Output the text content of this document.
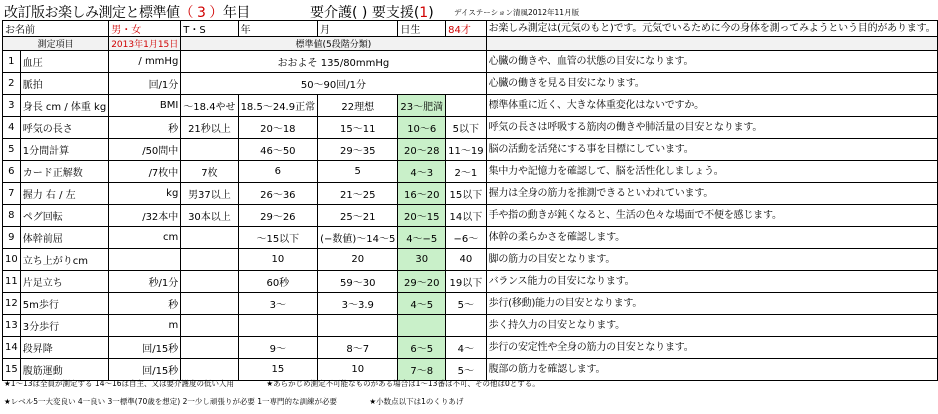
改訂版お楽しみ測定と標準値（ 3 ）年目	要介護( ) 要支援(1)	デイステーション清風2012年11月版
お名前		男・女	T・S	年	月	日生	84才	お楽しみ測定は(元気のもと)です。元気でいるために今の身体を測ってみようという目的があります。
測定項目		2013年1月15日	標準値(5段階分類)					
1	血圧	/ mmHg	おおよそ 135/80mmHg					心臓の働きや、血管の状態の目安になります。
2	脈拍	回/1分	50〜90回/1分					心臓の働きを見る目安になります。
3	身長 cm / 体重 kg	BMI	〜18.4やせ	18.5〜24.9正常	22理想	23〜肥満		標準体重に近く、大きな体重変化はないですか。
4	呼気の長さ	秒	21秒以上	20〜18	15〜11	10〜6	5以下	呼気の長さは呼吸する筋肉の働きや肺活量の目安となります。
5	1分間計算	/50問中		46〜50	29〜35	20〜28	11〜19	脳の活動を活発にする事を目標にしています。
6	カード正解数	/7枚中	7枚	6	5	4〜3	2〜1	集中力や記憶力を確認して、脳を活性化しましょう。
7	握力 右 / 左	kg	男37以上	26〜36	21〜25	16〜20	15以下	握力は全身の筋力を推測できるといわれています。
8	ペグ回転	/32本中	30本以上	29〜26	25〜21	20〜15	14以下	手や指の動きが鈍くなると、生活の色々な場面で不便を感じます。
9	体幹前屈	cm		〜15以下	(−数値)〜14〜5	4〜−5	−6〜	体幹の柔らかさを確認します。
10	立ち上がりcm			10	20	30	40	脚の筋力の目安となります。
11	片足立ち	秒/1分		60秒	59〜30	29〜20	19以下	バランス能力の目安になります。
12	5m歩行	秒		3〜	3〜3.9	4〜5	5〜	歩行(移動)能力の目安となります。
13	3分歩行	m						歩く持久力の目安となります。
14	段昇降	回/15秒		9〜	8〜7	6〜5	4〜	歩行の安定性や全身の筋力の目安となります。
15	腹筋運動	回/15秒		15	10	7〜8	5〜	腹部の筋力を確認します。
★1〜13は全員が測定する 14〜16は自主、又は要介護度の低い人用	★あらかじめ測定不可能なものがある場合は1〜13番は不可、その他は0とする。
★レベル5一大変良い 4一良い 3一標準(70歳を想定) 2一少し頑張りが必要 1一専門的な訓練が必要	★小数点以下は1のくりあげ
